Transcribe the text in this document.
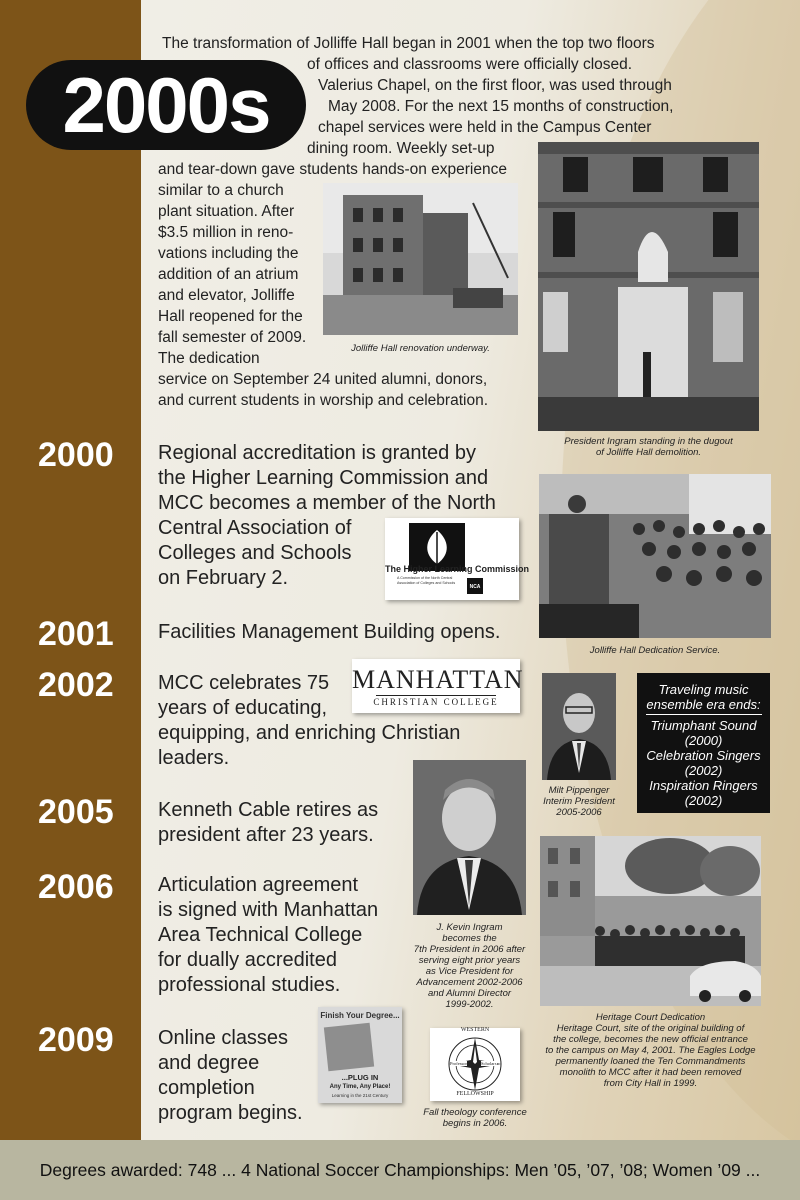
2000s
The transformation of Jolliffe Hall began in 2001 when the top two floors
of offices and classrooms were officially closed.
Valerius Chapel, on the first floor, was used through
May 2008. For the next 15 months of construction,
chapel services were held in the Campus Center
dining room. Weekly set-up
and tear-down gave students hands-on experience
similar to a church
plant situation. After
$3.5 million in reno-
vations including the
addition of an atrium
and elevator, Jolliffe
Hall reopened for the
fall semester of 2009.
The dedication
service on September 24 united alumni, donors,
and current students in worship and celebration.
Jolliffe Hall renovation underway.
President Ingram standing in the dugout
of Jolliffe Hall demolition.
2000 Regional accreditation is granted by
the Higher Learning Commission and
MCC becomes a member of the North
Central Association of
Colleges and Schools
on February 2.	The Higher Learning Commission
A Commission of the North Central Association of Colleges and Schools
NCA
Jolliffe Hall Dedication Service.
2001 Facilities Management Building opens.
2002 MCC celebrates 75
years of educating,
equipping, and enriching Christian
leaders.
MANHATTAN
CHRISTIAN COLLEGE
Milt Pippenger
Interim President
2005-2006
Traveling music
ensemble era ends:
Triumphant Sound
(2000)
Celebration Singers
(2002)
Inspiration Ringers
(2002)
J. Kevin Ingram
becomes the
7th President in 2006 after
serving eight prior years
as Vice President for
Advancement 2002-2006
and Alumni Director
1999-2002.
2005 Kenneth Cable retires as
president after 23 years.
Heritage Court Dedication
Heritage Court, site of the original building of
the college, becomes the new official entrance
to the campus on May 4, 2001. The Eagles Lodge
permanently loaned the Ten Commandments
monolith to MCC after it had been removed
from City Hall in 1999.
2006 Articulation agreement
is signed with Manhattan
Area Technical College
for dually accredited
professional studies.
2009 Online classes
and degree
completion
program begins.
Finish Your Degree...
...PLUG IN
Any Time, Any Place!
Learning in the 21st Century
WESTERN
FELLOWSHIP
Professor	Scholars
Fall theology conference
begins in 2006.
Degrees awarded: 748 ... 4 National Soccer Championships: Men ’05, ’07, ’08; Women ’09 ...
